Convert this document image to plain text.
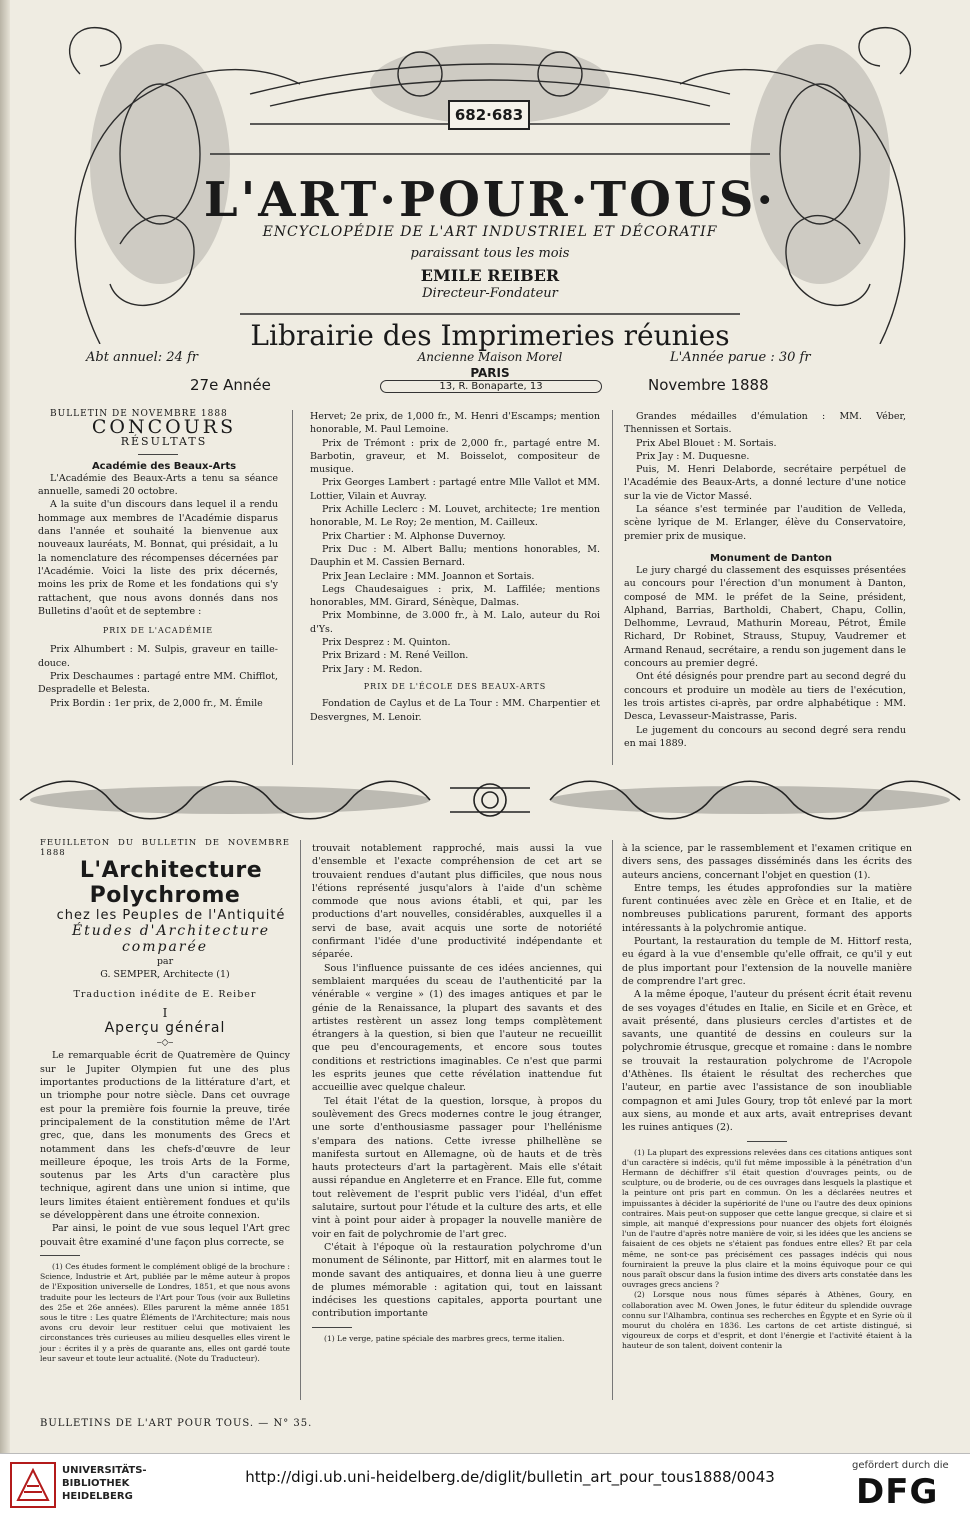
682·683
L'ART·POUR·TOUS·
ENCYCLOPÉDIE DE L'ART INDUSTRIEL ET DÉCORATIF
paraissant tous les mois
EMILE REIBER
Directeur-Fondateur
Librairie des Imprimeries réunies
Abt annuel: 24 fr	Ancienne Maison Morel
PARIS
13, R. Bonaparte, 13
L'Année parue : 30 fr
27e Année	Novembre 1888

BULLETIN DE NOVEMBRE 1888

CONCOURS

RÉSULTATS

Académie des Beaux-Arts

L'Académie des Beaux-Arts a tenu sa séance annuelle, samedi 20 octobre.

A la suite d'un discours dans lequel il a rendu hommage aux membres de l'Académie disparus dans l'année et souhaité la bienvenue aux nouveaux lauréats, M. Bonnat, qui présidait, a lu la nomenclature des récompenses décernées par l'Académie. Voici la liste des prix décernés, moins les prix de Rome et les fondations qui s'y rattachent, que nous avons donnés dans nos Bulletins d'août et de septembre :

PRIX DE L'ACADÉMIE

Prix Alhumbert : M. Sulpis, graveur en taille-douce.

Prix Deschaumes : partagé entre MM. Chifflot, Despradelle et Belesta.

Prix Bordin : 1er prix, de 2,000 fr., M. Émile

Hervet; 2e prix, de 1,000 fr., M. Henri d'Escamps; mention honorable, M. Paul Lemoine.

Prix de Trémont : prix de 2,000 fr., partagé entre M. Barbotin, graveur, et M. Boisselot, compositeur de musique.

Prix Georges Lambert : partagé entre Mlle Vallot et MM. Lottier, Vilain et Auvray.

Prix Achille Leclerc : M. Louvet, architecte; 1re mention honorable, M. Le Roy; 2e mention, M. Cailleux.

Prix Chartier : M. Alphonse Duvernoy.

Prix Duc : M. Albert Ballu; mentions honorables, M. Dauphin et M. Cassien Bernard.

Prix Jean Leclaire : MM. Joannon et Sortais.

Legs Chaudesaigues : prix, M. Laffilée; mentions honorables, MM. Girard, Sénèque, Dalmas.

Prix Mombinne, de 3.000 fr., à M. Lalo, auteur du Roi d'Ys.

Prix Desprez : M. Quinton.

Prix Brizard : M. René Veillon.

Prix Jary : M. Redon.

PRIX DE L'ÉCOLE DES BEAUX-ARTS

Fondation de Caylus et de La Tour : MM. Charpentier et Desvergnes, M. Lenoir.

Grandes médailles d'émulation : MM. Véber, Thennissen et Sortais.

Prix Abel Blouet : M. Sortais.

Prix Jay : M. Duquesne.

Puis, M. Henri Delaborde, secrétaire perpétuel de l'Académie des Beaux-Arts, a donné lecture d'une notice sur la vie de Victor Massé.

La séance s'est terminée par l'audition de Velleda, scène lyrique de M. Erlanger, élève du Conservatoire, premier prix de musique.

Monument de Danton

Le jury chargé du classement des esquisses présentées au concours pour l'érection d'un monument à Danton, composé de MM. le préfet de la Seine, président, Alphand, Barrias, Bartholdi, Chabert, Chapu, Collin, Delhomme, Levraud, Mathurin Moreau, Pétrot, Émile Richard, Dr Robinet, Strauss, Stupuy, Vaudremer et Armand Renaud, secrétaire, a rendu son jugement dans le concours au premier degré.

Ont été désignés pour prendre part au second degré du concours et produire un modèle au tiers de l'exécution, les trois artistes ci-après, par ordre alphabétique : MM. Desca, Levasseur-Maistrasse, Paris.

Le jugement du concours au second degré sera rendu en mai 1889.

FEUILLETON DU BULLETIN DE NOVEMBRE 1888

L'Architecture Polychrome

chez les Peuples de l'Antiquité

Études d'Architecture comparée

par

G. SEMPER, Architecte (1)

Traduction inédite de E. Reiber

I

Aperçu général

–◇–

Le remarquable écrit de Quatremère de Quincy sur le Jupiter Olympien fut une des plus importantes productions de la littérature d'art, et un triomphe pour notre siècle. Dans cet ouvrage est pour la première fois fournie la preuve, tirée principalement de la constitution même de l'Art grec, que, dans les monuments des Grecs et notamment dans les chefs-d'œuvre de leur meilleure époque, les trois Arts de la Forme, soutenus par les Arts d'un caractère plus technique, agirent dans une union si intime, que leurs limites étaient entièrement fondues et qu'ils se développèrent dans une étroite connexion.

Par ainsi, le point de vue sous lequel l'Art grec pouvait être examiné d'une façon plus correcte, se

(1) Ces études forment le complément obligé de la brochure : Science, Industrie et Art, publiée par le même auteur à propos de l'Exposition universelle de Londres, 1851, et que nous avons traduite pour les lecteurs de l'Art pour Tous (voir aux Bulletins des 25e et 26e années). Elles parurent la même année 1851 sous le titre : Les quatre Éléments de l'Architecture; mais nous avons cru devoir leur restituer celui que motivaient les circonstances très curieuses au milieu desquelles elles virent le jour : écrites il y a près de quarante ans, elles ont gardé toute leur saveur et toute leur actualité. (Note du Traducteur).

trouvait notablement rapproché, mais aussi la vue d'ensemble et l'exacte compréhension de cet art se trouvaient rendues d'autant plus difficiles, que nous nous l'étions représenté jusqu'alors à l'aide d'un schème commode que nous avions établi, et qui, par les productions d'art nouvelles, considérables, auxquelles il a servi de base, avait acquis une sorte de notoriété confirmant l'idée d'une productivité indépendante et séparée.

Sous l'influence puissante de ces idées anciennes, qui semblaient marquées du sceau de l'authenticité par la vénérable « vergine » (1) des images antiques et par le génie de la Renaissance, la plupart des savants et des artistes restèrent un assez long temps complètement étrangers à la question, si bien que l'auteur ne recueillit que peu d'encouragements, et encore sous toutes conditions et restrictions imaginables. Ce n'est que parmi les esprits jeunes que cette révélation inattendue fut accueillie avec quelque chaleur.

Tel était l'état de la question, lorsque, à propos du soulèvement des Grecs modernes contre le joug étranger, une sorte d'enthousiasme passager pour l'hellénisme s'empara des nations. Cette ivresse philhellène se manifesta surtout en Allemagne, où de hauts et de très hauts protecteurs d'art la partagèrent. Mais elle s'était aussi répandue en Angleterre et en France. Elle fut, comme tout relèvement de l'esprit public vers l'idéal, d'un effet salutaire, surtout pour l'étude et la culture des arts, et elle vint à point pour aider à propager la nouvelle manière de voir en fait de polychromie de l'art grec.

C'était à l'époque où la restauration polychrome d'un monument de Sélinonte, par Hittorf, mit en alarmes tout le monde savant des antiquaires, et donna lieu à une guerre de plumes mémorable : agitation qui, tout en laissant indécises les questions capitales, apporta pourtant une contribution importante

(1) Le verge, patine spéciale des marbres grecs, terme italien.

à la science, par le rassemblement et l'examen critique en divers sens, des passages disséminés dans les écrits des auteurs anciens, concernant l'objet en question (1).

Entre temps, les études approfondies sur la matière furent continuées avec zèle en Grèce et en Italie, et de nombreuses publications parurent, formant des apports intéressants à la polychromie antique.

Pourtant, la restauration du temple de M. Hittorf resta, eu égard à la vue d'ensemble qu'elle offrait, ce qu'il y eut de plus important pour l'extension de la nouvelle manière de comprendre l'art grec.

A la même époque, l'auteur du présent écrit était revenu de ses voyages d'études en Italie, en Sicile et en Grèce, et avait présenté, dans plusieurs cercles d'artistes et de savants, une quantité de dessins en couleurs sur la polychromie étrusque, grecque et romaine : dans le nombre se trouvait la restauration polychrome de l'Acropole d'Athènes. Ils étaient le résultat des recherches que l'auteur, en partie avec l'assistance de son inoubliable compagnon et ami Jules Goury, trop tôt enlevé par la mort aux siens, au monde et aux arts, avait entreprises devant les ruines antiques (2).

(1) La plupart des expressions relevées dans ces citations antiques sont d'un caractère si indécis, qu'il fut même impossible à la pénétration d'un Hermann de déchiffrer s'il était question d'ouvrages peints, ou de sculpture, ou de broderie, ou de ces ouvrages dans lesquels la plastique et la peinture ont pris part en commun. On les a déclarées neutres et impuissantes à décider la supériorité de l'une ou l'autre des deux opinions contraires. Mais peut-on supposer que cette langue grecque, si claire et si simple, ait manqué d'expressions pour nuancer des objets fort éloignés l'un de l'autre d'après notre manière de voir, si les idées que les anciens se faisaient de ces objets ne s'étaient pas fondues entre elles? Et par cela même, ne sont-ce pas précisément ces passages indécis qui nous fourniraient la preuve la plus claire et la moins équivoque pour ce qui nous paraît obscur dans la fusion intime des divers arts constatée dans les ouvrages grecs anciens ?

(2) Lorsque nous nous fûmes séparés à Athènes, Goury, en collaboration avec M. Owen Jones, le futur éditeur du splendide ouvrage connu sur l'Alhambra, continua ses recherches en Égypte et en Syrie où il mourut du choléra en 1836. Les cartons de cet artiste distingué, si vigoureux de corps et d'esprit, et dont l'énergie et l'activité étaient à la hauteur de son talent, doivent contenir la

BULLETINS DE L'ART POUR TOUS. — N° 35.
UNIVERSITÄTS-
BIBLIOTHEK
HEIDELBERG
http://digi.ub.uni-heidelberg.de/diglit/bulletin_art_pour_tous1888/0043
gefördert durch die
DFG
